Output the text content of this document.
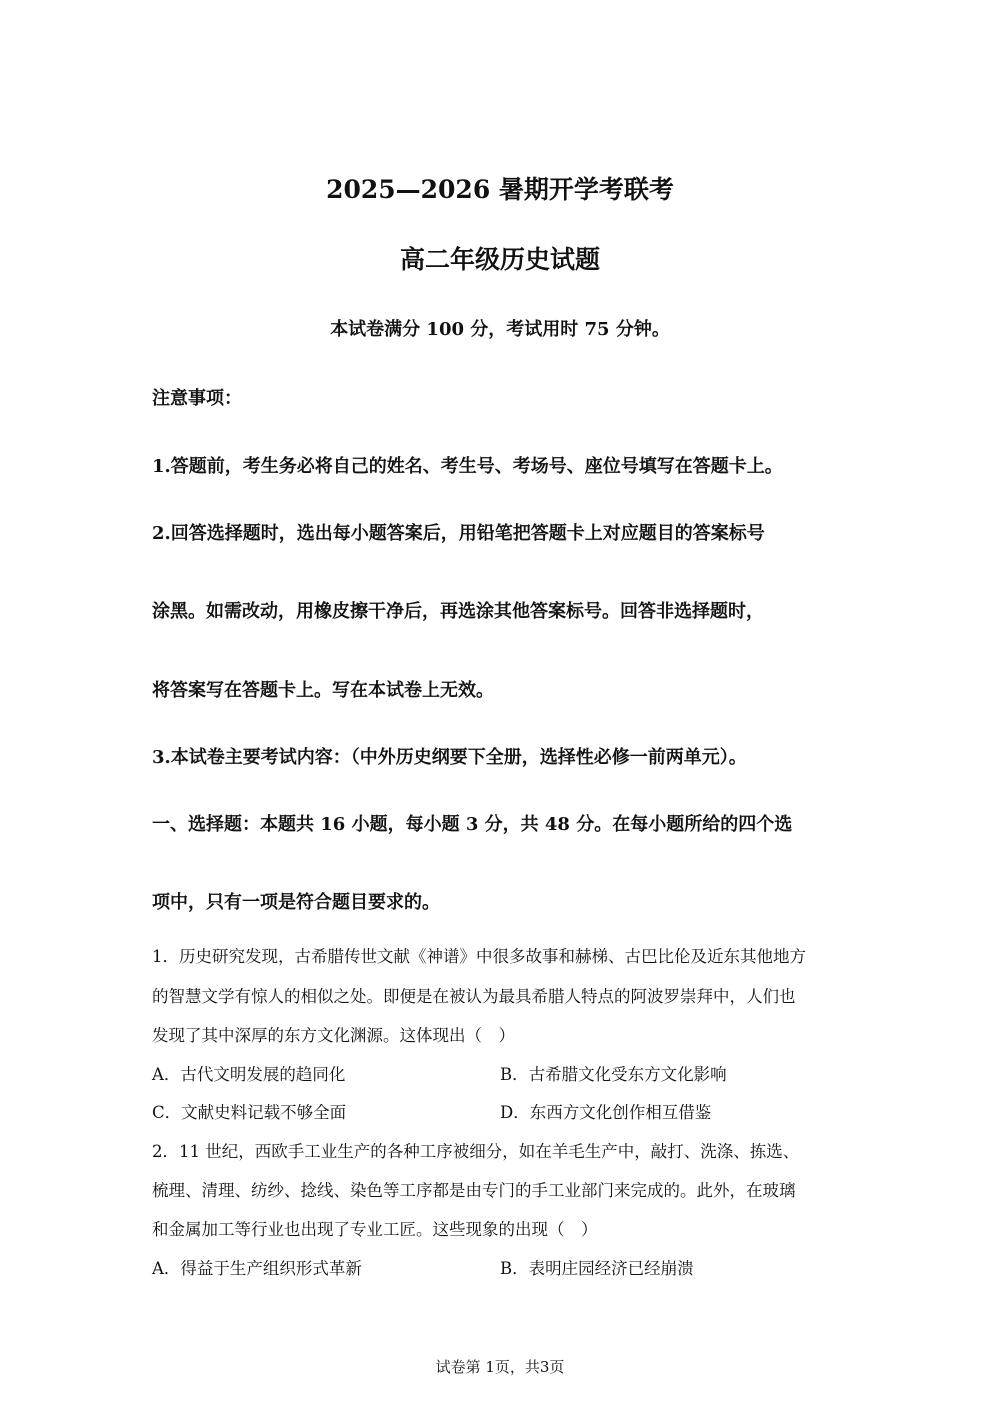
2025—2026 暑期开学考联考
高二年级历史试题
本试卷满分 100 分，考试用时 75 分钟。
注意事项：
1.答题前，考生务必将自己的姓名、考生号、考场号、座位号填写在答题卡上。
2.回答选择题时，选出每小题答案后，用铅笔把答题卡上对应题目的答案标号
涂黑。如需改动，用橡皮擦干净后，再选涂其他答案标号。回答非选择题时，
将答案写在答题卡上。写在本试卷上无效。
3.本试卷主要考试内容：（中外历史纲要下全册，选择性必修一前两单元）。
一、选择题：本题共 16 小题，每小题 3 分，共 48 分。在每小题所给的四个选
项中，只有一项是符合题目要求的。
1．历史研究发现，古希腊传世文献《神谱》中很多故事和赫梯、古巴比伦及近东其他地方
的智慧文学有惊人的相似之处。即便是在被认为最具希腊人特点的阿波罗崇拜中，人们也
发现了其中深厚的东方文化渊源。这体现出（　）
A．古代文明发展的趋同化	B．古希腊文化受东方文化影响
C．文献史料记载不够全面	D．东西方文化创作相互借鉴
2．11 世纪，西欧手工业生产的各种工序被细分，如在羊毛生产中，敲打、洗涤、拣选、
梳理、清理、纺纱、捻线、染色等工序都是由专门的手工业部门来完成的。此外，在玻璃
和金属加工等行业也出现了专业工匠。这些现象的出现（　）
A．得益于生产组织形式革新	B．表明庄园经济已经崩溃
试卷第 1页，共3页
